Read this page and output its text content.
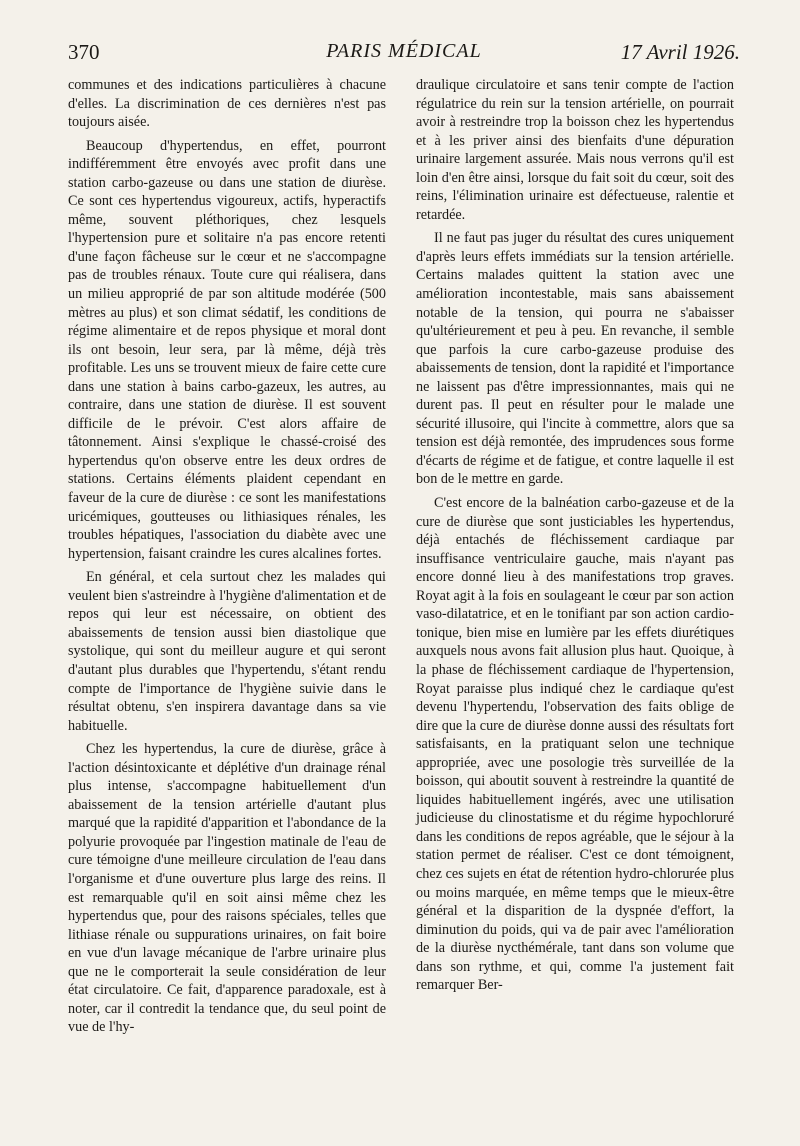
370	PARIS MÉDICAL	17 Avril 1926.

communes et des indications particulières à chacune d'elles. La discrimination de ces dernières n'est pas toujours aisée.

Beaucoup d'hypertendus, en effet, pourront indifféremment être envoyés avec profit dans une station carbo-gazeuse ou dans une station de diurèse. Ce sont ces hypertendus vigoureux, actifs, hyperactifs même, souvent pléthoriques, chez lesquels l'hypertension pure et solitaire n'a pas encore retenti d'une façon fâcheuse sur le cœur et ne s'accompagne pas de troubles rénaux. Toute cure qui réalisera, dans un milieu approprié de par son altitude modérée (500 mètres au plus) et son climat sédatif, les conditions de régime alimentaire et de repos physique et moral dont ils ont besoin, leur sera, par là même, déjà très profitable. Les uns se trouvent mieux de faire cette cure dans une station à bains carbo-gazeux, les autres, au contraire, dans une station de diurèse. Il est souvent difficile de le prévoir. C'est alors affaire de tâtonnement. Ainsi s'explique le chassé-croisé des hypertendus qu'on observe entre les deux ordres de stations. Certains éléments plaident cependant en faveur de la cure de diurèse : ce sont les manifestations uricémiques, goutteuses ou lithiasiques rénales, les troubles hépatiques, l'association du diabète avec une hypertension, faisant craindre les cures alcalines fortes.

En général, et cela surtout chez les malades qui veulent bien s'astreindre à l'hygiène d'alimentation et de repos qui leur est nécessaire, on obtient des abaissements de tension aussi bien diastolique que systolique, qui sont du meilleur augure et qui seront d'autant plus durables que l'hypertendu, s'étant rendu compte de l'importance de l'hygiène suivie dans le résultat obtenu, s'en inspirera davantage dans sa vie habituelle.

Chez les hypertendus, la cure de diurèse, grâce à l'action désintoxicante et déplétive d'un drainage rénal plus intense, s'accompagne habituellement d'un abaissement de la tension artérielle d'autant plus marqué que la rapidité d'apparition et l'abondance de la polyurie provoquée par l'ingestion matinale de l'eau de cure témoigne d'une meilleure circulation de l'eau dans l'organisme et d'une ouverture plus large des reins. Il est remarquable qu'il en soit ainsi même chez les hypertendus que, pour des raisons spéciales, telles que lithiase rénale ou suppurations urinaires, on fait boire en vue d'un lavage mécanique de l'arbre urinaire plus que ne le comporterait la seule considération de leur état circulatoire. Ce fait, d'apparence paradoxale, est à noter, car il contredit la tendance que, du seul point de vue de l'hy-

draulique circulatoire et sans tenir compte de l'action régulatrice du rein sur la tension artérielle, on pourrait avoir à restreindre trop la boisson chez les hypertendus et à les priver ainsi des bienfaits d'une dépuration urinaire largement assurée. Mais nous verrons qu'il est loin d'en être ainsi, lorsque du fait soit du cœur, soit des reins, l'élimination urinaire est défectueuse, ralentie et retardée.

Il ne faut pas juger du résultat des cures uniquement d'après leurs effets immédiats sur la tension artérielle. Certains malades quittent la station avec une amélioration incontestable, mais sans abaissement notable de la tension, qui pourra ne s'abaisser qu'ultérieurement et peu à peu. En revanche, il semble que parfois la cure carbo-gazeuse produise des abaissements de tension, dont la rapidité et l'importance ne laissent pas d'être impressionnantes, mais qui ne durent pas. Il peut en résulter pour le malade une sécurité illusoire, qui l'incite à commettre, alors que sa tension est déjà remontée, des imprudences sous forme d'écarts de régime et de fatigue, et contre laquelle il est bon de le mettre en garde.

C'est encore de la balnéation carbo-gazeuse et de la cure de diurèse que sont justiciables les hypertendus, déjà entachés de fléchissement cardiaque par insuffisance ventriculaire gauche, mais n'ayant pas encore donné lieu à des manifestations trop graves. Royat agit à la fois en soulageant le cœur par son action vaso-dilatatrice, et en le tonifiant par son action cardio-tonique, bien mise en lumière par les effets diurétiques auxquels nous avons fait allusion plus haut. Quoique, à la phase de fléchissement cardiaque de l'hypertension, Royat paraisse plus indiqué chez le cardiaque qu'est devenu l'hypertendu, l'observation des faits oblige de dire que la cure de diurèse donne aussi des résultats fort satisfaisants, en la pratiquant selon une technique appropriée, avec une posologie très surveillée de la boisson, qui aboutit souvent à restreindre la quantité de liquides habituellement ingérés, avec une utilisation judicieuse du clinostatisme et du régime hypochloruré dans les conditions de repos agréable, que le séjour à la station permet de réaliser. C'est ce dont témoignent, chez ces sujets en état de rétention hydro-chlorurée plus ou moins marquée, en même temps que le mieux-être général et la disparition de la dyspnée d'effort, la diminution du poids, qui va de pair avec l'amélioration de la diurèse nycthémérale, tant dans son volume que dans son rythme, et qui, comme l'a justement fait remarquer Ber-
